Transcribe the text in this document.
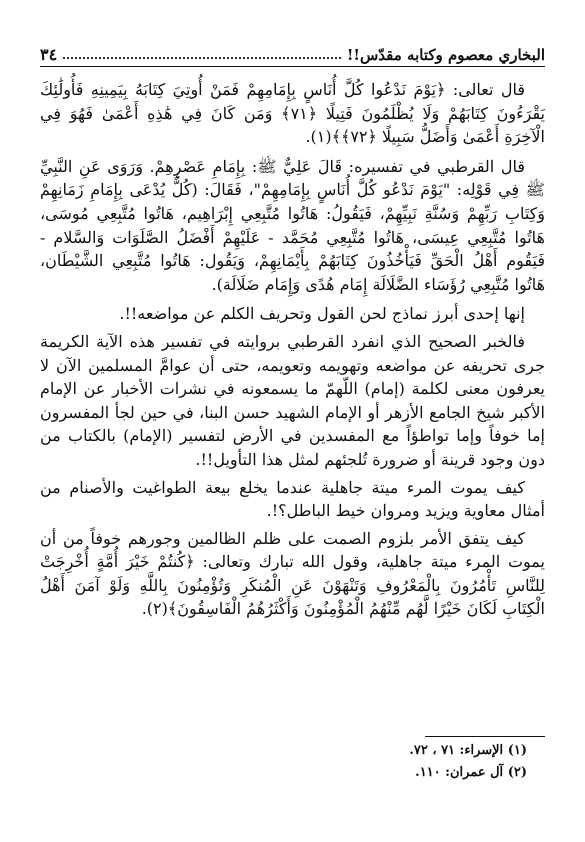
البخاري معصوم وكتابه مقدّس!!
٣٤

قال تعالى: ﴿يَوْمَ نَدْعُوا كُلَّ أُنَاسٍ بِإِمَامِهِمْ فَمَنْ أُوتِيَ كِتَابَهُ بِيَمِينِهِ فَأُولَٰئِكَ يَقْرَءُونَ كِتَابَهُمْ وَلَا يُظْلَمُونَ فَتِيلًا ﴿٧١﴾ وَمَن كَانَ فِي هَٰذِهِ أَعْمَىٰ فَهُوَ فِي الْآخِرَةِ أَعْمَىٰ وَأَضَلُّ سَبِيلًا ﴿٧٢﴾﴾(١).

قال القرطبي في تفسيره: قَالَ عَلِيٌّ ﷺ: بِإِمَامِ عَصْرِهِمْ. وَرَوَى عَنِ النَّبِيِّ ﷺ فِي قَوْلِه: "يَوْمَ نَدْعُو كُلَّ أُنَاسٍ بِإِمَامِهِمْ"، فَقَالَ: (كُلٌّ يُدْعَى بِإِمَامِ زَمَانِهِمْ وَكِتَابِ رَبِّهِمْ وَسُنَّةِ نَبِيِّهِمْ، فَيَقُولُ: هَاتُوا مُتَّبِعِي إِبْرَاهِيم، هَاتُوا مُتَّبِعِي مُوسَى، هَاتُوا مُتَّبِعِي عِيسَى، هَاتُوا مُتَّبِعِي مُحَمَّد - عَلَيْهِمْ أَفْضَلُ الصَّلَوَات وَالسَّلام - فَيَقُوم أَهْلُ الْحَقِّ فَيَأْخُذُونَ كِتَابَهُمْ بِأَيْمَانِهِمْ، وَيَقُول: هَاتُوا مُتَّبِعِي الشَّيْطَان، هَاتُوا مُتَّبِعِي رُؤَسَاء الضَّلَالَة إِمَام هُدًى وَإِمَام ضَلَالَة).

إنها إحدى أبرز نماذج لحن القول وتحريف الكلم عن مواضعه!!.

فالخبر الصحيح الذي انفرد القرطبي بروايته في تفسير هذه الآية الكريمة جرى تحريفه عن مواضعه وتهويمه وتعويمه، حتى أن عوامَّ المسلمين الآن لا يعرفون معنى لكلمة (إمام) اللّهمّ ما يسمعونه في نشرات الأخبار عن الإمام الأكبر شيخ الجامع الأزهر أو الإمام الشهيد حسن البنا، في حين لجأ المفسرون إما خوفاً وإما تواطؤاً مع المفسدين في الأرض لتفسير (الإمام) بالكتاب من دون وجود قرينة أو ضرورة تُلجئهم لمثل هذا التأويل!!.

كيف يموت المرء ميتة جاهلية عندما يخلع بيعة الطواغيت والأصنام من أمثال معاوية ويزيد ومروان خيط الباطل؟!.

كيف يتفق الأمر بلزوم الصمت على ظلم الظالمين وجورهم خوفاً من أن يموت المرء ميتة جاهلية، وقول الله تبارك وتعالى: ﴿كُنتُمْ خَيْرَ أُمَّةٍ أُخْرِجَتْ لِلنَّاسِ تَأْمُرُونَ بِالْمَعْرُوفِ وَتَنْهَوْنَ عَنِ الْمُنكَرِ وَتُؤْمِنُونَ بِاللَّهِ وَلَوْ آمَنَ أَهْلُ الْكِتَابِ لَكَانَ خَيْرًا لَّهُم مِّنْهُمُ الْمُؤْمِنُونَ وَأَكْثَرُهُمُ الْفَاسِقُونَ﴾(٢).

(١) الإسراء: ٧١ ، ٧٢.
(٢) آل عمران: ١١٠.
